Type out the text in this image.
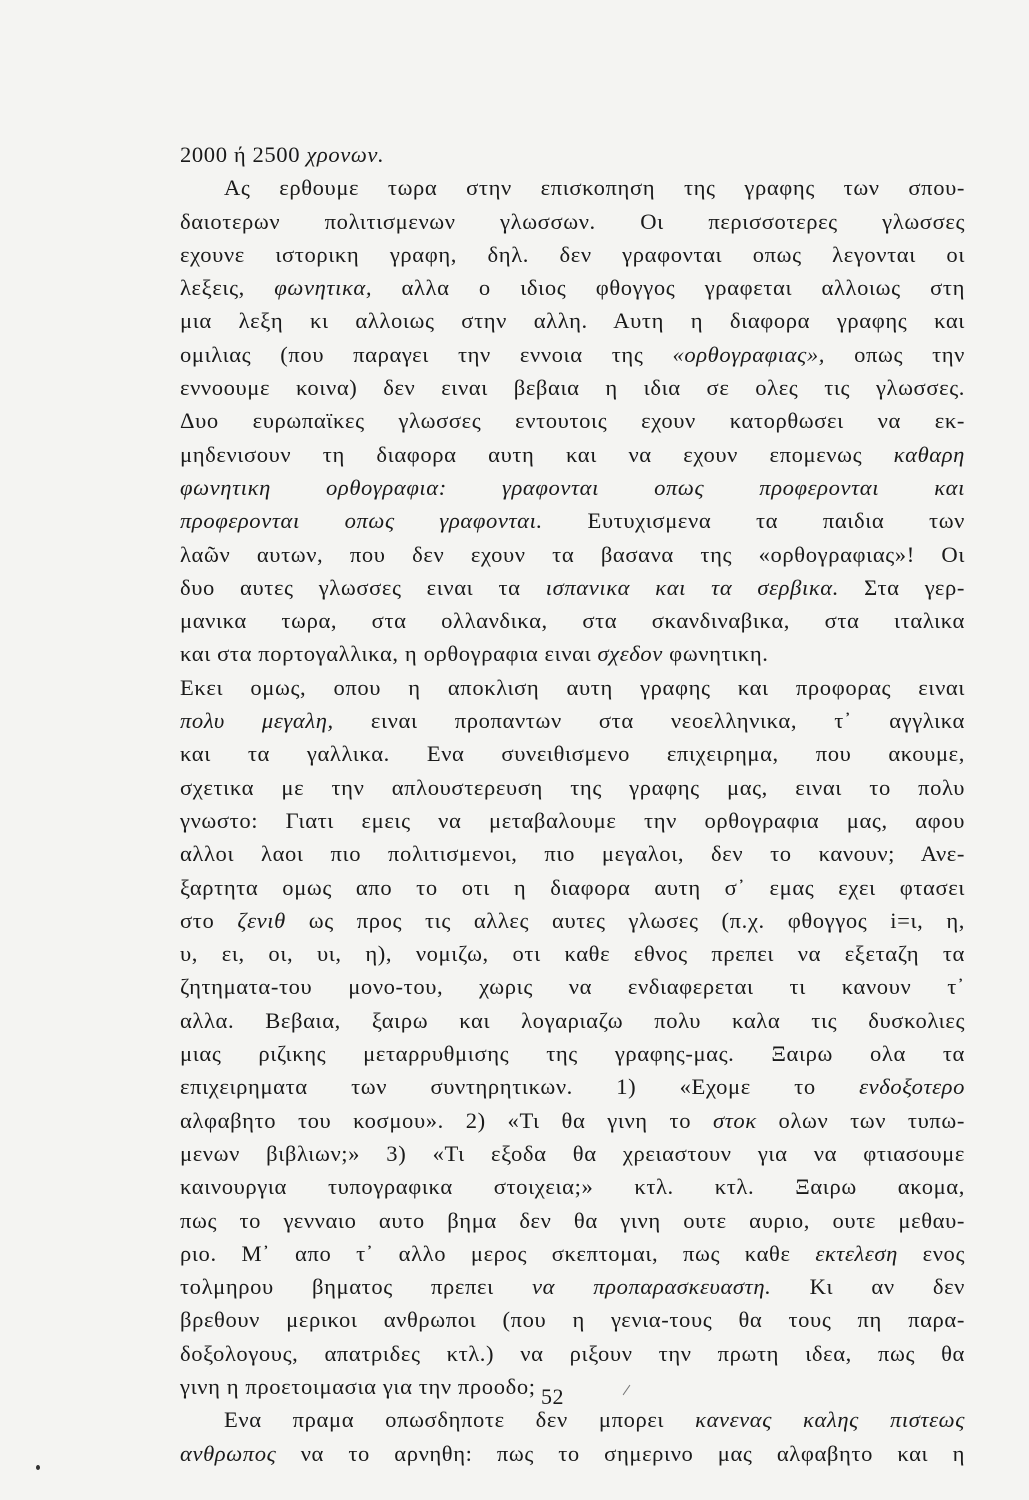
2000 ή 2500 χρονων.
Ας ερθουμε τωρα στην επισκοπηση της γραφης των σπου-
δαιοτερων πολιτισμενων γλωσσων. Οι περισσοτερες γλωσσες
εχουνε ιστορικη γραφη, δηλ. δεν γραφονται οπως λεγονται οι
λεξεις, φωνητικα, αλλα ο ιδιος φθογγος γραφεται αλλοιως στη
μια λεξη κι αλλοιως στην αλλη. Αυτη η διαφορα γραφης και
ομιλιας (που παραγει την εννοια της «ορθογραφιας», οπως την
εννοουμε κοινα) δεν ειναι βεβαια η ιδια σε ολες τις γλωσσες.
Δυο ευρωπαϊκες γλωσσες εντουτοις εχουν κατορθωσει να εκ-
μηδενισουν τη διαφορα αυτη και να εχουν επομενως καθαρη
φωνητικη ορθογραφια: γραφονται οπως προφερονται και
προφερονται οπως γραφονται. Ευτυχισμενα τα παιδια των
λαῶν αυτων, που δεν εχουν τα βασανα της «ορθογραφιας»! Οι
δυο αυτες γλωσσες ειναι τα ισπανικα και τα σερβικα. Στα γερ-
μανικα τωρα, στα ολλανδικα, στα σκανδιναβικα, στα ιταλικα
και στα πορτογαλλικα, η ορθογραφια ειναι σχεδον φωνητικη.
Εκει ομως, οπου η αποκλιση αυτη γραφης και προφορας ειναι
πολυ μεγαλη, ειναι προπαντων στα νεοελληνικα, τ᾽ αγγλικα
και τα γαλλικα. Ενα συνειθισμενο επιχειρημα, που ακουμε,
σχετικα με την απλουστερευση της γραφης μας, ειναι το πολυ
γνωστο: Γιατι εμεις να μεταβαλουμε την ορθογραφια μας, αφου
αλλοι λαοι πιο πολιτισμενοι, πιο μεγαλοι, δεν το κανουν; Ανε-
ξαρτητα ομως απο το οτι η διαφορα αυτη σ᾽ εμας εχει φτασει
στο ζενιθ ως προς τις αλλες αυτες γλωσες (π.χ. φθογγος i=ι, η,
υ, ει, οι, υι, η), νομιζω, οτι καθε εθνος πρεπει να εξεταζη τα
ζητηματα-του μονο-του, χωρις να ενδιαφερεται τι κανουν τ᾽
αλλα. Βεβαια, ξαιρω και λογαριαζω πολυ καλα τις δυσκολιες
μιας ριζικης μεταρρυθμισης της γραφης-μας. Ξαιρω ολα τα
επιχειρηματα των συντηρητικων. 1) «Εχομε το ενδοξοτερο
αλφαβητο του κοσμου». 2) «Τι θα γινη το στοκ ολων των τυπω-
μενων βιβλιων;» 3) «Τι εξοδα θα χρειαστουν για να φτιασουμε
καινουργια τυπογραφικα στοιχεια;» κτλ. κτλ. Ξαιρω ακομα,
πως το γενναιο αυτο βημα δεν θα γινη ουτε αυριο, ουτε μεθαυ-
ριο. Μ᾽ απο τ᾽ αλλο μερος σκεπτομαι, πως καθε εκτελεση ενος
τολμηρου βηματος πρεπει να προπαρασκευαστη. Κι αν δεν
βρεθουν μερικοι ανθρωποι (που η γενια-τους θα τους πη παρα-
δοξολογους, απατριδες κτλ.) να ριξουν την πρωτη ιδεα, πως θα
γινη η προετοιμασια για την προοδο;
Ενα πραμα οπωσδηποτε δεν μπορει κανενας καλης πιστεως
ανθρωπος να το αρνηθη: πως το σημερινο μας αλφαβητο και η
52
